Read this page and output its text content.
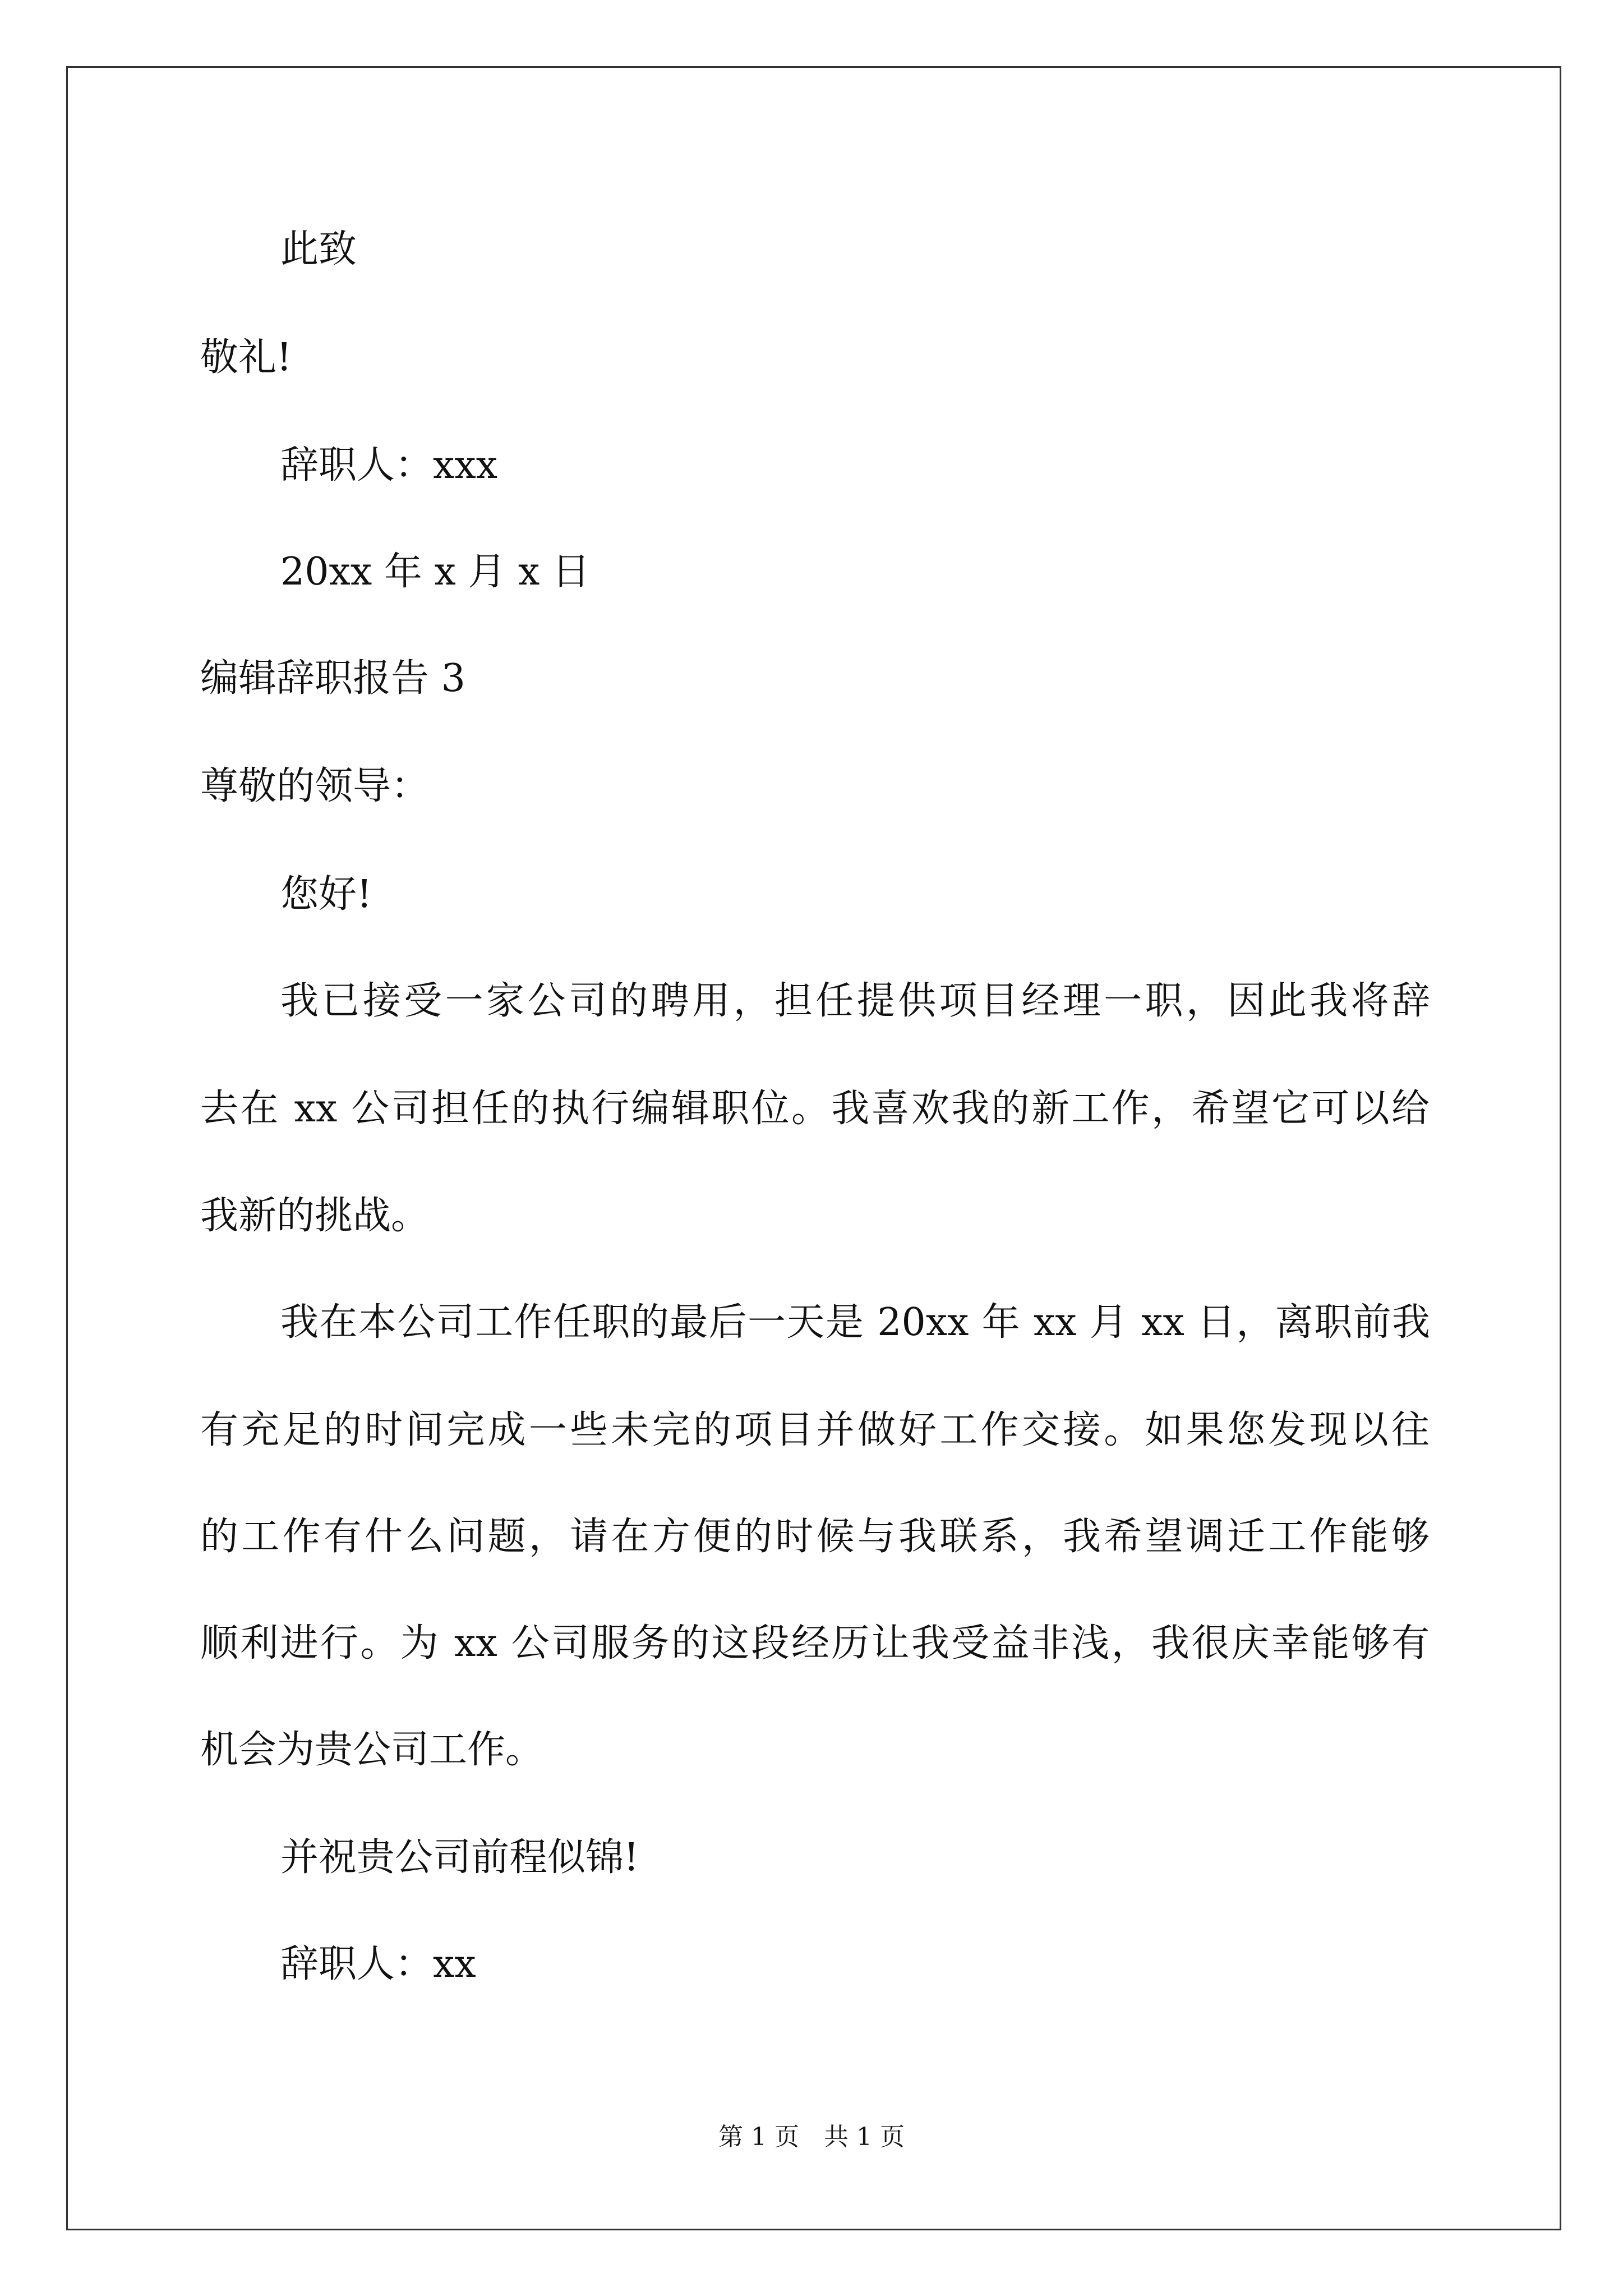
此致
敬礼!
辞职人：xxx
20xx 年 x 月 x 日
编辑辞职报告 3
尊敬的领导：
您好!
我已接受一家公司的聘用，担任提供项目经理一职，因此我将辞
去在 xx 公司担任的执行编辑职位。我喜欢我的新工作，希望它可以给
我新的挑战。
我在本公司工作任职的最后一天是 20xx 年 xx 月 xx 日，离职前我
有充足的时间完成一些未完的项目并做好工作交接。如果您发现以往
的工作有什么问题，请在方便的时候与我联系，我希望调迁工作能够
顺利进行。为 xx 公司服务的这段经历让我受益非浅，我很庆幸能够有
机会为贵公司工作。
并祝贵公司前程似锦!
辞职人：xx
第 1 页　共 1 页
